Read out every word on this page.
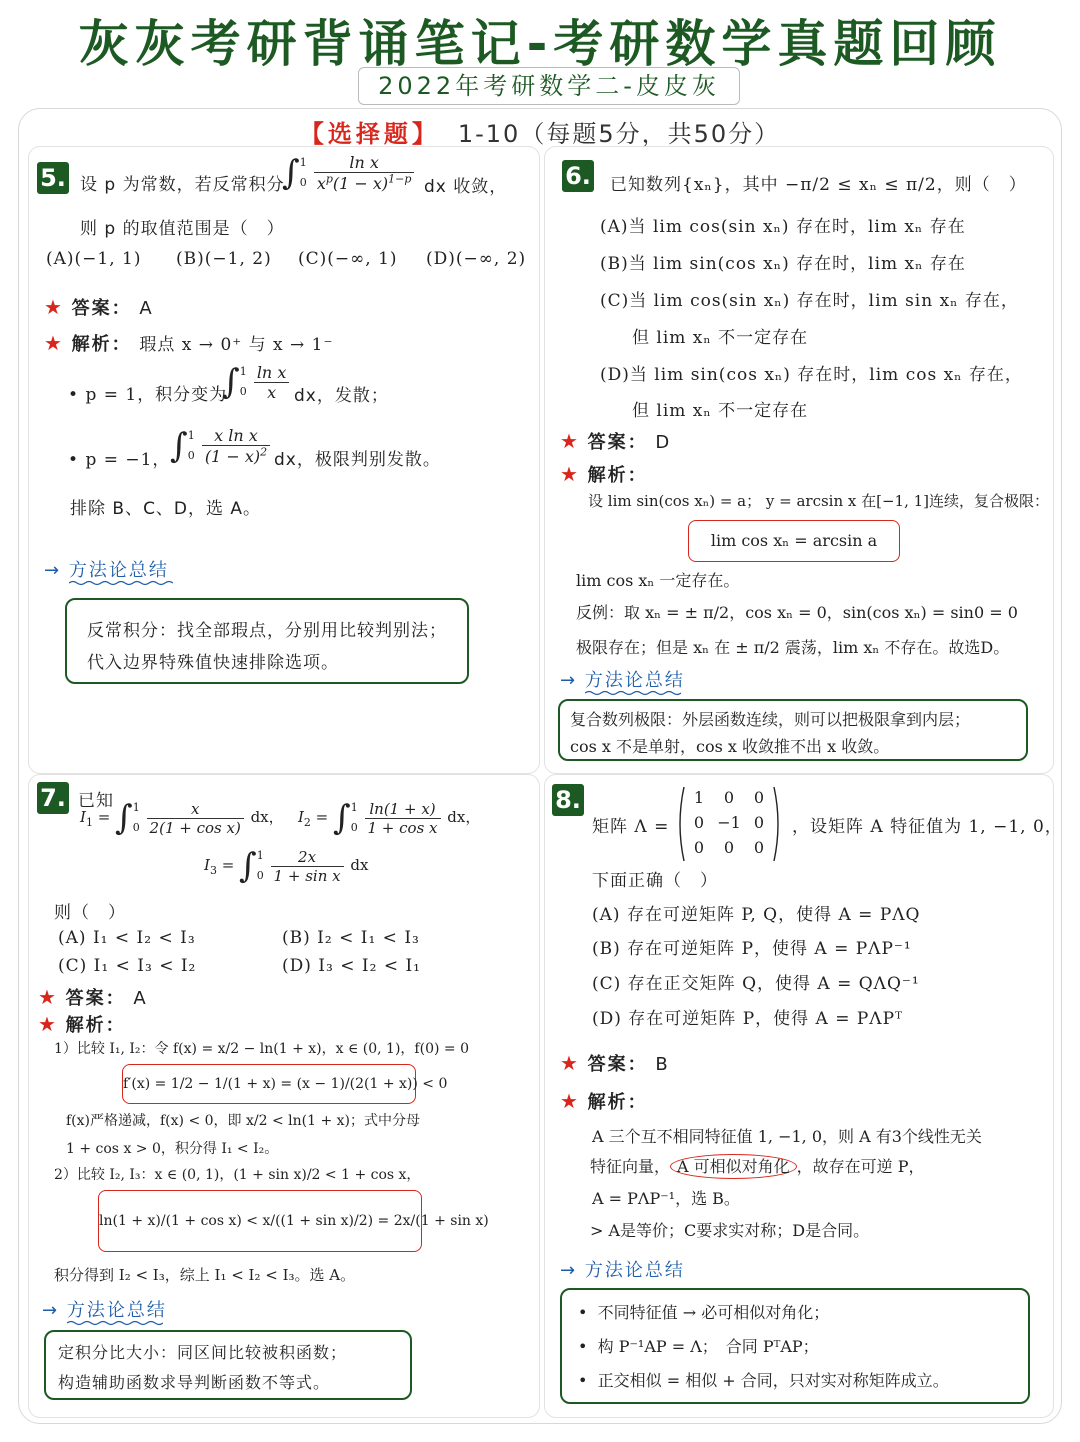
灰灰考研背诵笔记-考研数学真题回顾
2022年考研数学二-皮皮灰
【选择题】 1-10（每题5分，共50分）
5. 设 p 为常数，若反常积分
∫1
$0 \frac{\text{ln x}}{x^p(1 - x)^{1-p}}$ dx 收敛，
则 p 的取值范围是（　）
(A)(−1, 1) (B)(−1, 2) (C)(−∞, 1) (D)(−∞, 2)
★ 答案： A
★ 解析： 瑕点 x → 0⁺ 与 x → 1⁻
• p = 1，积分变为
∫1
$0 \frac{\text{ln x}}{x}$ dx，发散；
• p = −1， ∫1
$0 \frac{\text{x ln x}}{(1 - x)^2}$ dx，极限判别发散。
排除 B、C、D，选 A。
→ 方法论总结
反常积分：找全部瑕点，分别用比较判别法；
代入边界特殊值快速排除选项。
6. 已知数列{xₙ}，其中 −π/2 ≤ xₙ ≤ π/2，则（　）
(A)当 lim cos(sin xₙ) 存在时，lim xₙ 存在
(B)当 lim sin(cos xₙ) 存在时，lim xₙ 存在
(C)当 lim cos(sin xₙ) 存在时，lim sin xₙ 存在，
但 lim xₙ 不一定存在
(D)当 lim sin(cos xₙ) 存在时，lim cos xₙ 存在，
但 lim xₙ 不一定存在
★ 答案： D
★ 解析：
设 lim sin(cos xₙ) = a； y = arcsin x 在[−1, 1]连续，复合极限：
lim cos xₙ = arcsin a
lim cos xₙ 一定存在。
反例：取 xₙ = ± π/2，cos xₙ = 0，sin(cos xₙ) = sin0 = 0
极限存在；但是 xₙ 在 ± π/2 震荡，lim xₙ 不存在。故选D。
→ 方法论总结
复合数列极限：外层函数连续，则可以把极限拿到内层；
cos x 不是单射，cos x 收敛推不出 x 收敛。
7. 已知
$I_1 = \int 1$
$0 \frac{x}{\text{2(1 + cos x)}}$ dx，   $I_2 = \int 1$
$0 \frac{\ln(1 + x)}{\text{1 + cos x}}$ dx，
$I_3 = \int 1$
$0 \frac{2x}{\text{1 + sin x}}$ dx
则（　）
(A) I₁ < I₂ < I₃	(B) I₂ < I₁ < I₃
(C) I₁ < I₃ < I₂	(D) I₃ < I₂ < I₁
★ 答案： A
★ 解析：
1）比较 I₁, I₂：令 f(x) = x/2 − ln(1 + x)，x ∈ (0, 1)，f(0) = 0
f′(x) = 1/2 − 1/(1 + x) = (x − 1)/(2(1 + x)) < 0
f(x)严格递减，f(x) < 0，即 x/2 < ln(1 + x)；式中分母
1 + cos x > 0，积分得 I₁ < I₂。
2）比较 I₂, I₃：x ∈ (0, 1)，(1 + sin x)/2 < 1 + cos x，
ln(1 + x)/(1 + cos x) < x/((1 + sin x)/2) = 2x/(1 + sin x)
积分得到 I₂ < I₃，综上 I₁ < I₂ < I₃。选 A。
→ 方法论总结
定积分比大小：同区间比较被积函数；
构造辅助函数求导判断函数不等式。
8.
矩阵 Λ =
1	0	0
0 −1 0
0	0	0
，设矩阵 A 特征值为 1, −1, 0，
下面正确（　）
(A) 存在可逆矩阵 P, Q，使得 A = PΛQ
(B) 存在可逆矩阵 P，使得 A = PΛP⁻¹
(C) 存在正交矩阵 Q，使得 A = QΛQ⁻¹
(D) 存在可逆矩阵 P，使得 A = PΛPᵀ
★ 答案： B
★ 解析：
A 三个互不相同特征值 1, −1, 0，则 A 有3个线性无关
特征向量， A 可相似对角化 ，故存在可逆 P，
A = PΛP⁻¹，选 B。
> A是等价；C要求实对称；D是合同。
→ 方法论总结
•  不同特征值 → 必可相似对角化；
•  构 P⁻¹AP = Λ；　合同 PᵀAP；
•  正交相似 = 相似 + 合同，只对实对称矩阵成立。
